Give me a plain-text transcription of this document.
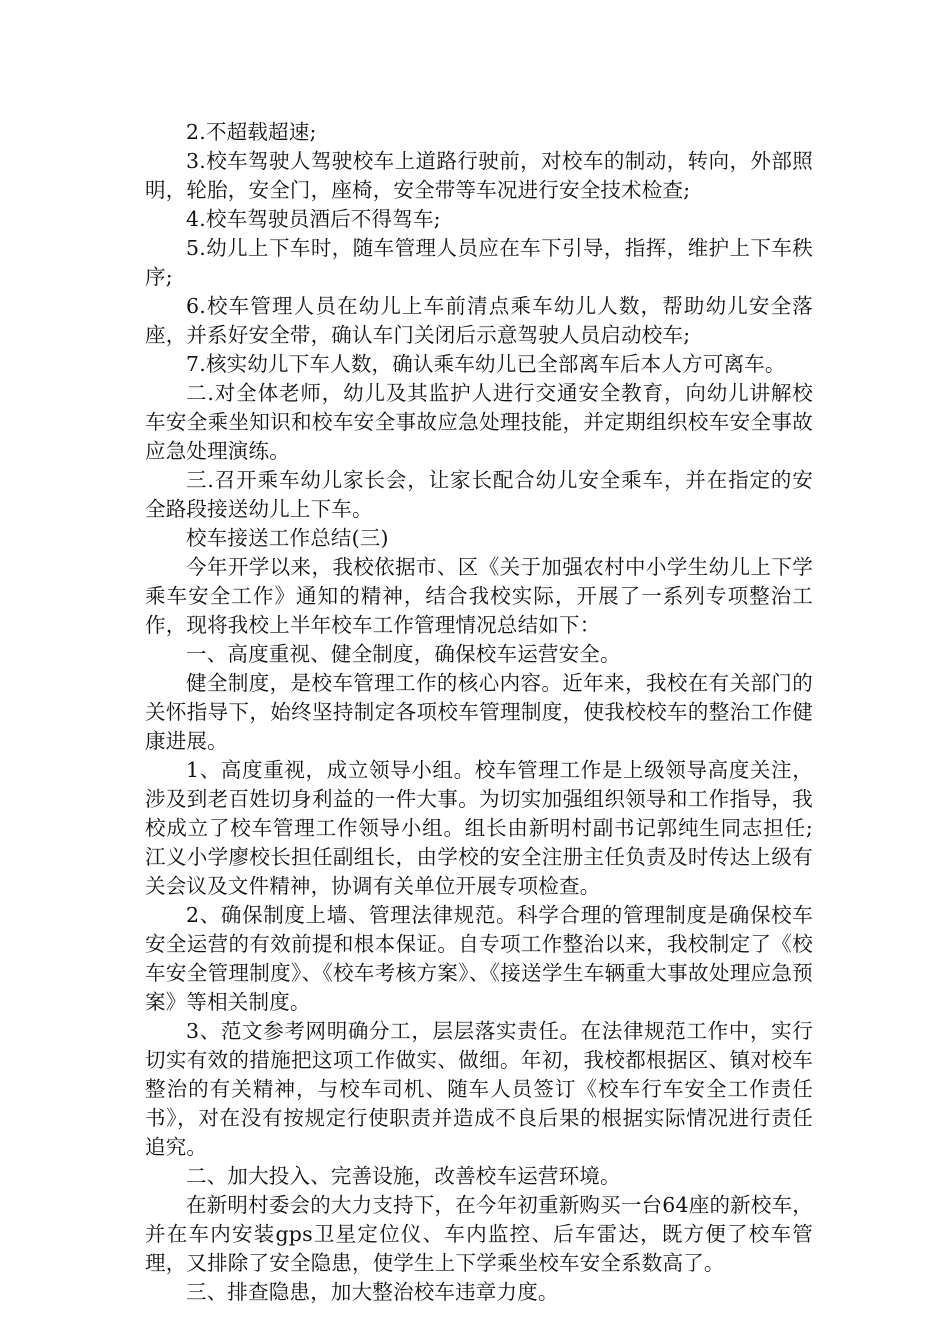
2.不超载超速;

3.校车驾驶人驾驶校车上道路行驶前，对校车的制动，转向，外部照明，轮胎，安全门，座椅，安全带等车况进行安全技术检查;

4.校车驾驶员酒后不得驾车;

5.幼儿上下车时，随车管理人员应在车下引导，指挥，维护上下车秩序;

6.校车管理人员在幼儿上车前清点乘车幼儿人数，帮助幼儿安全落座，并系好安全带，确认车门关闭后示意驾驶人员启动校车;

7.核实幼儿下车人数，确认乘车幼儿已全部离车后本人方可离车。

二.对全体老师，幼儿及其监护人进行交通安全教育，向幼儿讲解校车安全乘坐知识和校车安全事故应急处理技能，并定期组织校车安全事故应急处理演练。

三.召开乘车幼儿家长会，让家长配合幼儿安全乘车，并在指定的安全路段接送幼儿上下车。

校车接送工作总结(三)

今年开学以来，我校依据市、区《关于加强农村中小学生幼儿上下学乘车安全工作》通知的精神，结合我校实际，开展了一系列专项整治工作，现将我校上半年校车工作管理情况总结如下：

一、高度重视、健全制度，确保校车运营安全。

健全制度，是校车管理工作的核心内容。近年来，我校在有关部门的关怀指导下，始终坚持制定各项校车管理制度，使我校校车的整治工作健康进展。

1、高度重视，成立领导小组。校车管理工作是上级领导高度关注，涉及到老百姓切身利益的一件大事。为切实加强组织领导和工作指导，我校成立了校车管理工作领导小组。组长由新明村副书记郭纯生同志担任;江义小学廖校长担任副组长，由学校的安全注册主任负责及时传达上级有关会议及文件精神，协调有关单位开展专项检查。

2、确保制度上墙、管理法律规范。科学合理的管理制度是确保校车安全运营的有效前提和根本保证。自专项工作整治以来，我校制定了《校车安全管理制度》、《校车考核方案》、《接送学生车辆重大事故处理应急预案》等相关制度。

3、范文参考网明确分工，层层落实责任。在法律规范工作中，实行切实有效的措施把这项工作做实、做细。年初，我校都根据区、镇对校车整治的有关精神，与校车司机、随车人员签订《校车行车安全工作责任书》，对在没有按规定行使职责并造成不良后果的根据实际情况进行责任追究。

二、加大投入、完善设施，改善校车运营环境。

在新明村委会的大力支持下，在今年初重新购买一台64座的新校车，并在车内安装gps卫星定位仪、车内监控、后车雷达，既方便了校车管理，又排除了安全隐患，使学生上下学乘坐校车安全系数高了。

三、排查隐患，加大整治校车违章力度。
